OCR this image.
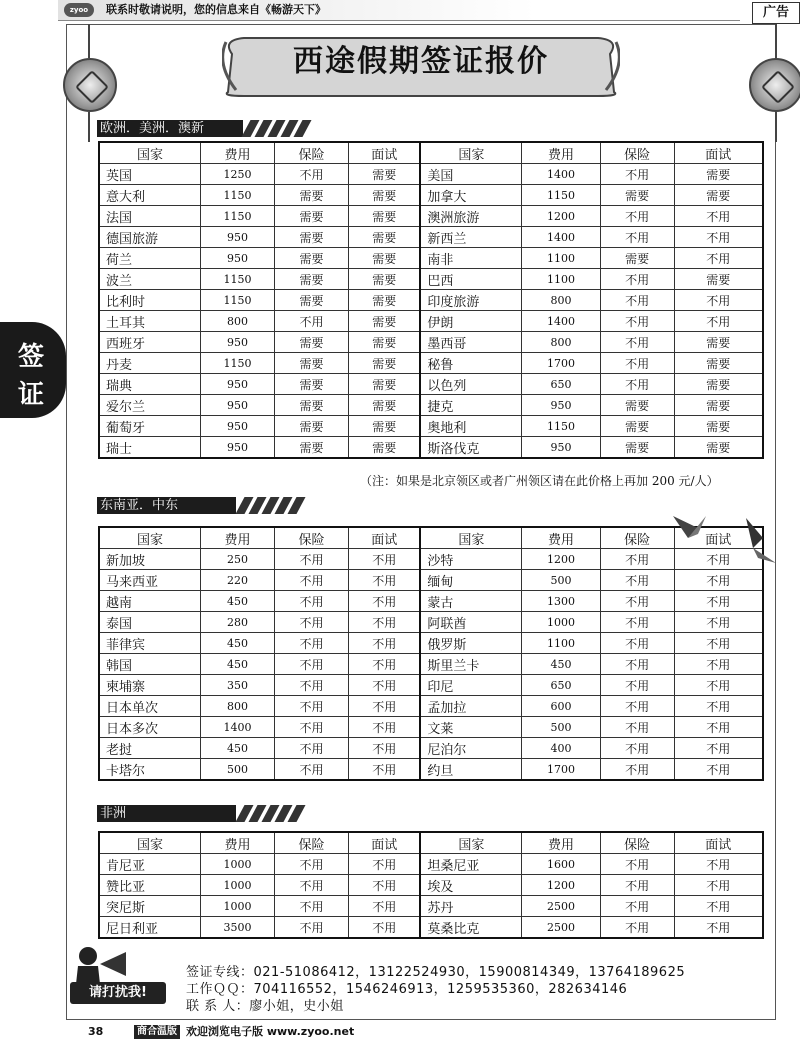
zyoo	联系时敬请说明，您的信息来自《畅游天下》	广告
西途假期签证报价
签
证
欧洲．美洲．澳新
国家	费用	保险	面试	国家	费用	保险	面试
英国	1250	不用	需要	美国	1400	不用	需要
意大利	1150	需要	需要	加拿大	1150	需要	需要
法国	1150	需要	需要	澳洲旅游	1200	不用	不用
德国旅游	950	需要	需要	新西兰	1400	不用	不用
荷兰	950	需要	需要	南非	1100	需要	不用
波兰	1150	需要	需要	巴西	1100	不用	需要
比利时	1150	需要	需要	印度旅游	800	不用	不用
土耳其	800	不用	需要	伊朗	1400	不用	不用
西班牙	950	需要	需要	墨西哥	800	不用	需要
丹麦	1150	需要	需要	秘鲁	1700	不用	需要
瑞典	950	需要	需要	以色列	650	不用	需要
爱尔兰	950	需要	需要	捷克	950	需要	需要
葡萄牙	950	需要	需要	奥地利	1150	需要	需要
瑞士	950	需要	需要	斯洛伐克	950	需要	需要
（注：如果是北京领区或者广州领区请在此价格上再加 200 元/人）
东南亚．中东
国家	费用	保险	面试	国家	费用	保险	面试
新加坡	250	不用	不用	沙特	1200	不用	不用
马来西亚	220	不用	不用	缅甸	500	不用	不用
越南	450	不用	不用	蒙古	1300	不用	不用
泰国	280	不用	不用	阿联酋	1000	不用	不用
菲律宾	450	不用	不用	俄罗斯	1100	不用	不用
韩国	450	不用	不用	斯里兰卡	450	不用	不用
柬埔寨	350	不用	不用	印尼	650	不用	不用
日本单次	800	不用	不用	孟加拉	600	不用	不用
日本多次	1400	不用	不用	文莱	500	不用	不用
老挝	450	不用	不用	尼泊尔	400	不用	不用
卡塔尔	500	不用	不用	约旦	1700	不用	不用
非洲
国家	费用	保险	面试	国家	费用	保险	面试
肯尼亚	1000	不用	不用	坦桑尼亚	1600	不用	不用
赞比亚	1000	不用	不用	埃及	1200	不用	不用
突尼斯	1000	不用	不用	苏丹	2500	不用	不用
尼日利亚	3500	不用	不用	莫桑比克	2500	不用	不用
请打扰我!
签证专线：021-51086412，13122524930，15900814349，13764189625
工作ＱＱ：704116552，1546246913，1259535360，282634146
联 系 人：廖小姐，史小姐
38	商合温版 欢迎浏览电子版 www.zyoo.net
